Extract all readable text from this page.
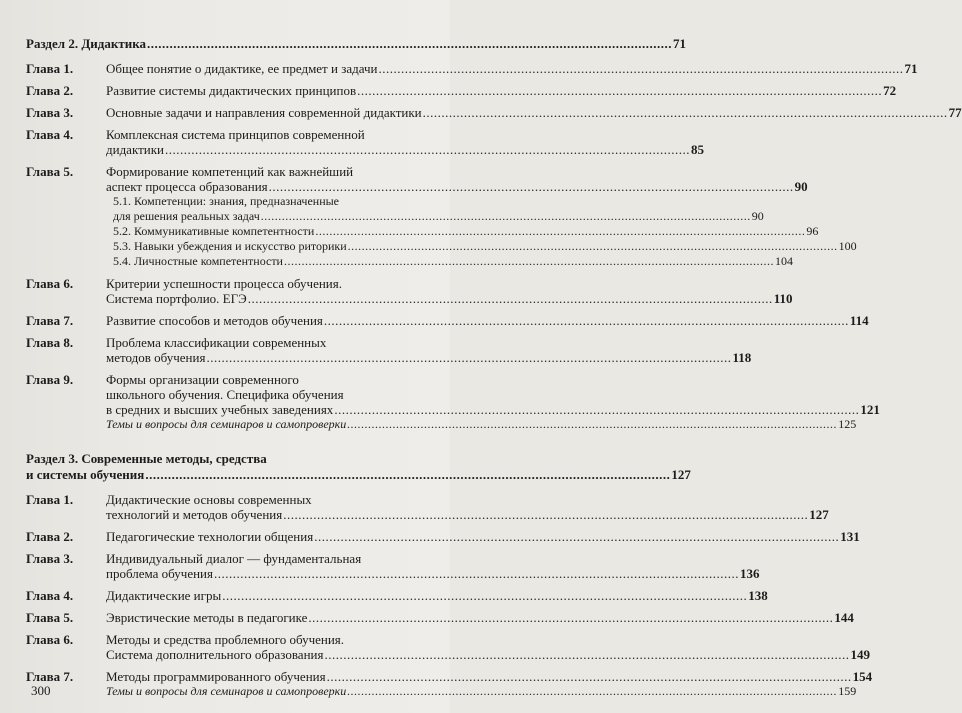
Раздел 2. Дидактика .....	71
Глава 1.	Общее понятие о дидактике, ее предмет и задачи .....	71
Глава 2.	Развитие системы дидактических принципов .....	72
Глава 3.	Основные задачи и направления современной дидактики .....	77
Глава 4.	Комплексная система принципов современной
дидактики .....	85
Глава 5.	Формирование компетенций как важнейший
аспект процесса образования .....	90
5.1. Компетенции: знания, предназначенные
для решения реальных задач .....	90
5.2. Коммуникативные компетентности .....	96
5.3. Навыки убеждения и искусство риторики .....	100
5.4. Личностные компетентности .....	104
Глава 6.	Критерии успешности процесса обучения.
Система портфолио. ЕГЭ .....	110
Глава 7.	Развитие способов и методов обучения .....	114
Глава 8.	Проблема классификации современных
методов обучения .....	118
Глава 9.	Формы организации современного
школьного обучения. Специфика обучения
в средних и высших учебных заведениях .....	121
Темы и вопросы для семинаров и самопроверки .....	125
Раздел 3. Современные методы, средства
и системы обучения .....	127
Глава 1.	Дидактические основы современных
технологий и методов обучения .....	127
Глава 2.	Педагогические технологии общения .....	131
Глава 3.	Индивидуальный диалог — фундаментальная
проблема обучения .....	136
Глава 4.	Дидактические игры .....	138
Глава 5.	Эвристические методы в педагогике .....	144
Глава 6.	Методы и средства проблемного обучения.
Система дополнительного образования .....	149
Глава 7.	Методы программированного обучения .....	154
Темы и вопросы для семинаров и самопроверки .....	159
300
